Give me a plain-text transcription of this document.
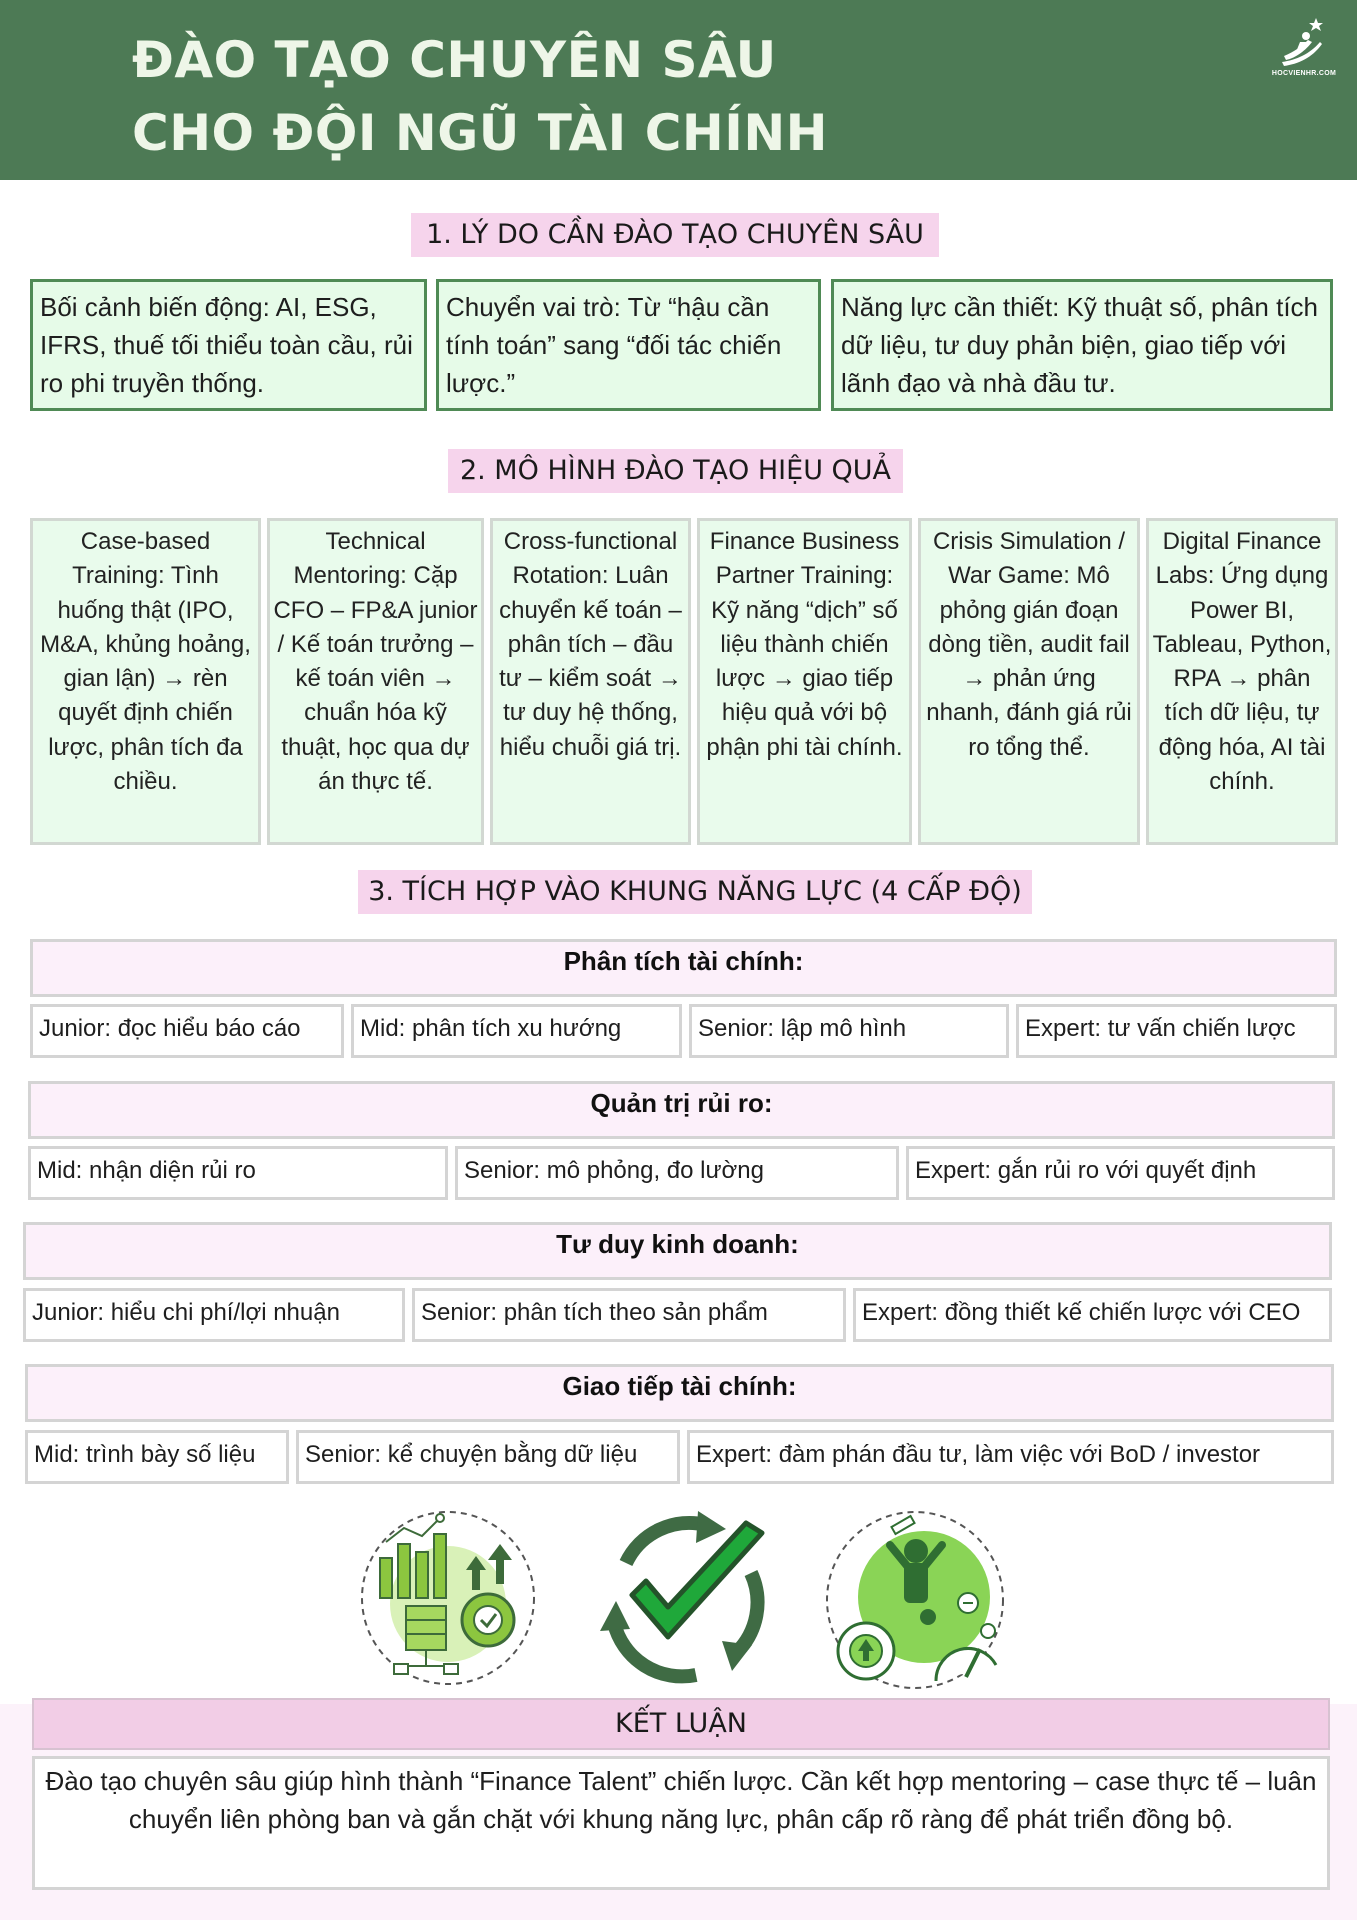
ĐÀO TẠO CHUYÊN SÂU
CHO ĐỘI NGŨ TÀI CHÍNH
HOCVIENHR.COM
1. LÝ DO CẦN ĐÀO TẠO CHUYÊN SÂU
Bối cảnh biến động: AI, ESG, IFRS, thuế tối thiểu toàn cầu, rủi ro phi truyền thống.
Chuyển vai trò: Từ “hậu cần tính toán” sang “đối tác chiến lược.”
Năng lực cần thiết: Kỹ thuật số, phân tích dữ liệu, tư duy phản biện, giao tiếp với lãnh đạo và nhà đầu tư.
2. MÔ HÌNH ĐÀO TẠO HIỆU QUẢ
Case-based Training: Tình huống thật (IPO, M&A, khủng hoảng, gian lận) → rèn quyết định chiến lược, phân tích đa chiều.
Technical Mentoring: Cặp CFO – FP&A junior / Kế toán trưởng – kế toán viên → chuẩn hóa kỹ thuật, học qua dự án thực tế.
Cross-functional Rotation: Luân chuyển kế toán – phân tích – đầu tư – kiểm soát → tư duy hệ thống, hiểu chuỗi giá trị.
Finance Business Partner Training: Kỹ năng “dịch” số liệu thành chiến lược → giao tiếp hiệu quả với bộ phận phi tài chính.
Crisis Simulation / War Game: Mô phỏng gián đoạn dòng tiền, audit fail → phản ứng nhanh, đánh giá rủi ro tổng thể.
Digital Finance Labs: Ứng dụng Power BI, Tableau, Python, RPA → phân tích dữ liệu, tự động hóa, AI tài chính.
3. TÍCH HỢP VÀO KHUNG NĂNG LỰC (4 CẤP ĐỘ)
Phân tích tài chính:
Junior: đọc hiểu báo cáo	Mid: phân tích xu hướng	Senior: lập mô hình	Expert: tư vấn chiến lược
Quản trị rủi ro:
Mid: nhận diện rủi ro	Senior: mô phỏng, đo lường	Expert: gắn rủi ro với quyết định
Tư duy kinh doanh:
Junior: hiểu chi phí/lợi nhuận	Senior: phân tích theo sản phẩm	Expert: đồng thiết kế chiến lược với CEO
Giao tiếp tài chính:
Mid: trình bày số liệu	Senior: kể chuyện bằng dữ liệu	Expert: đàm phán đầu tư, làm việc với BoD / investor
KẾT LUẬN
Đào tạo chuyên sâu giúp hình thành “Finance Talent” chiến lược. Cần kết hợp mentoring – case thực tế – luân chuyển liên phòng ban và gắn chặt với khung năng lực, phân cấp rõ ràng để phát triển đồng bộ.
